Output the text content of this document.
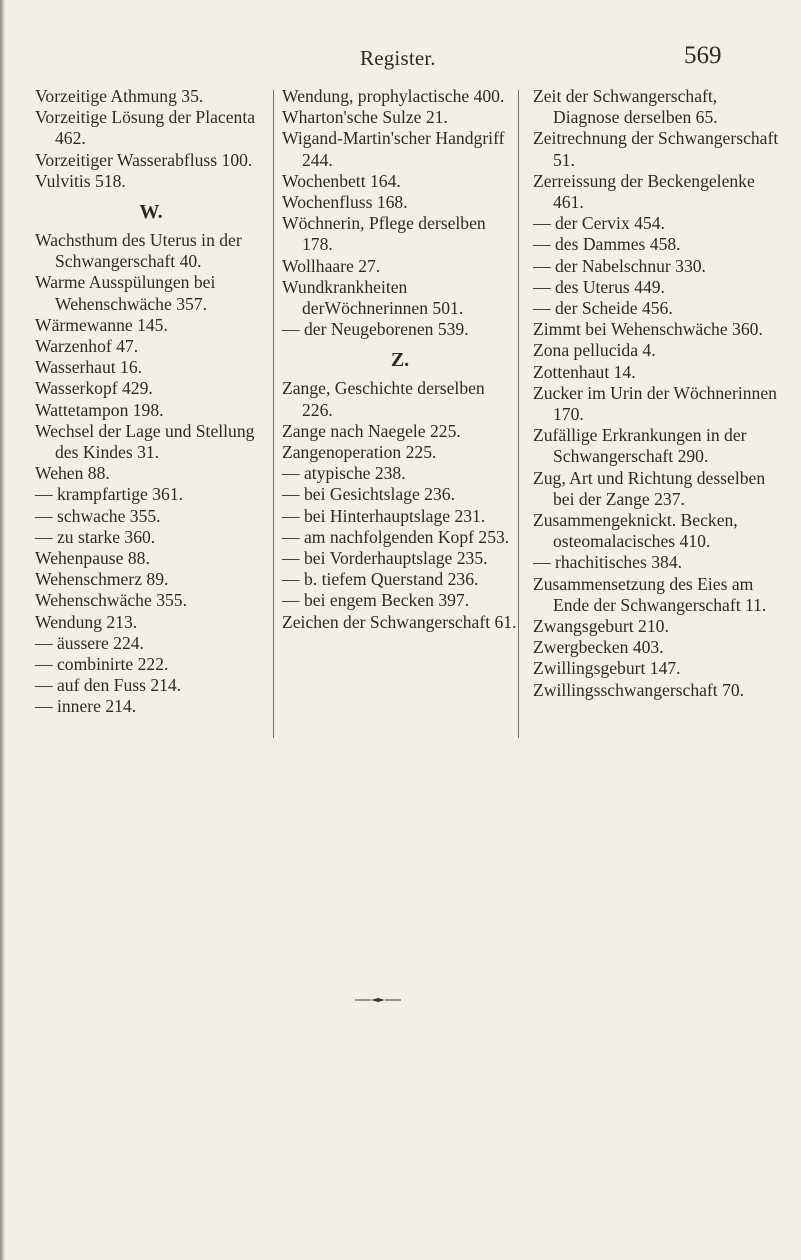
Register.	569
Vorzeitige Athmung 35.
Vorzeitige Lösung der Placenta 462.
Vorzeitiger Wasserabfluss 100.
Vulvitis 518.
W.
Wachsthum des Uterus in der Schwangerschaft 40.
Warme Ausspülungen bei Wehenschwäche 357.
Wärmewanne 145.
Warzenhof 47.
Wasserhaut 16.
Wasserkopf 429.
Wattetampon 198.
Wechsel der Lage und Stellung des Kindes 31.
Wehen 88.
— krampfartige 361.
— schwache 355.
— zu starke 360.
Wehenpause 88.
Wehenschmerz 89.
Wehenschwäche 355.
Wendung 213.
— äussere 224.
— combinirte 222.
— auf den Fuss 214.
— innere 214.
Wendung, prophylactische 400.
Wharton'sche Sulze 21.
Wigand-Martin'scher Handgriff 244.
Wochenbett 164.
Wochenfluss 168.
Wöchnerin, Pflege derselben 178.
Wollhaare 27.
Wundkrankheiten derWöchnerinnen 501.
— der Neugeborenen 539.
Z.
Zange, Geschichte derselben 226.
Zange nach Naegele 225.
Zangenoperation 225.
— atypische 238.
— bei Gesichtslage 236.
— bei Hinterhauptslage 231.
— am nachfolgenden Kopf 253.
— bei Vorderhauptslage 235.
— b. tiefem Querstand 236.
— bei engem Becken 397.
Zeichen der Schwangerschaft 61.
Zeit der Schwangerschaft, Diagnose derselben 65.
Zeitrechnung der Schwangerschaft 51.
Zerreissung der Beckengelenke 461.
— der Cervix 454.
— des Dammes 458.
— der Nabelschnur 330.
— des Uterus 449.
— der Scheide 456.
Zimmt bei Wehenschwäche 360.
Zona pellucida 4.
Zottenhaut 14.
Zucker im Urin der Wöchnerinnen 170.
Zufällige Erkrankungen in der Schwangerschaft 290.
Zug, Art und Richtung desselben bei der Zange 237.
Zusammengeknickt. Becken, osteomalacisches 410.
— rhachitisches 384.
Zusammensetzung des Eies am Ende der Schwangerschaft 11.
Zwangsgeburt 210.
Zwergbecken 403.
Zwillingsgeburt 147.
Zwillingsschwangerschaft 70.
